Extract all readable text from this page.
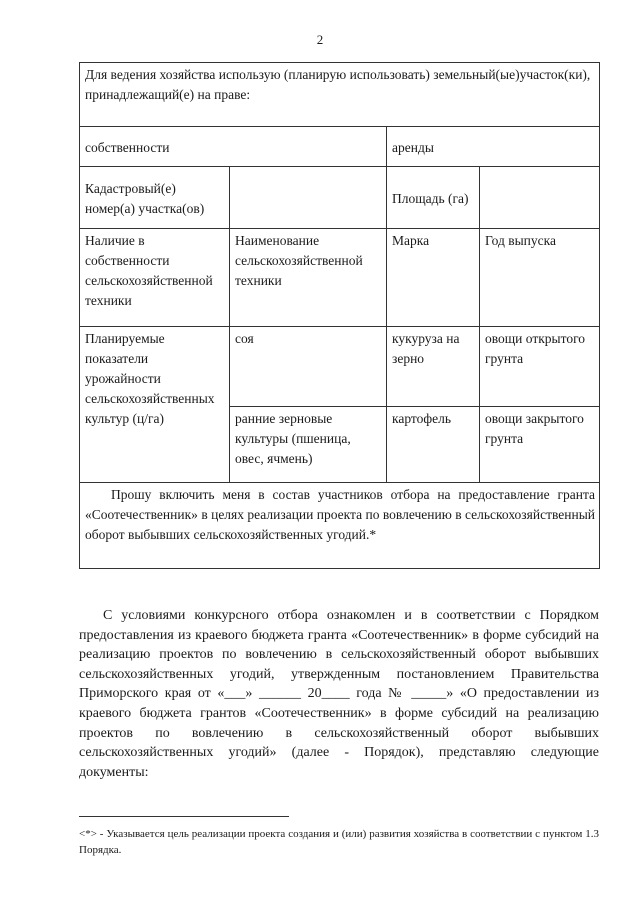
2
Для ведения хозяйства использую (планирую использовать) земельный(ые)участок(ки), принадлежащий(е) на праве:			
собственности		аренды	
Кадастровый(е) номер(а) участка(ов)		Площадь (га)	
Наличие в собственности сельскохозяйственной техники	Наименование сельскохозяйственной техники	Марка	Год выпуска
Планируемые показатели урожайности сельскохозяйственных культур (ц/га)	соя	кукуруза на зерно	овощи открытого грунта
	ранние зерновые культуры (пшеница, овес, ячмень)	картофель	овощи закрытого грунта
Прошу включить меня в состав участников отбора на предоставление гранта «Соотечественник» в целях реализации проекта по вовлечению в сельскохозяйственный оборот выбывших сельскохозяйственных угодий.*			

С условиями конкурсного отбора ознакомлен и в соответствии с Порядком предоставления из краевого бюджета гранта «Соотечественник» в форме субсидий на реализацию проектов по вовлечению в сельскохозяйственный оборот выбывших сельскохозяйственных угодий, утвержденным постановлением Правительства Приморского края от «___» ______ 20____ года № _____» «О предоставлении из краевого бюджета грантов «Соотечественник» в форме субсидий на реализацию проектов по вовлечению в сельскохозяйственный оборот выбывших сельскохозяйственных угодий» (далее - Порядок), представляю следующие документы:

<*> - Указывается цель реализации проекта создания и (или) развития хозяйства в соответствии с пунктом 1.3 Порядка.
